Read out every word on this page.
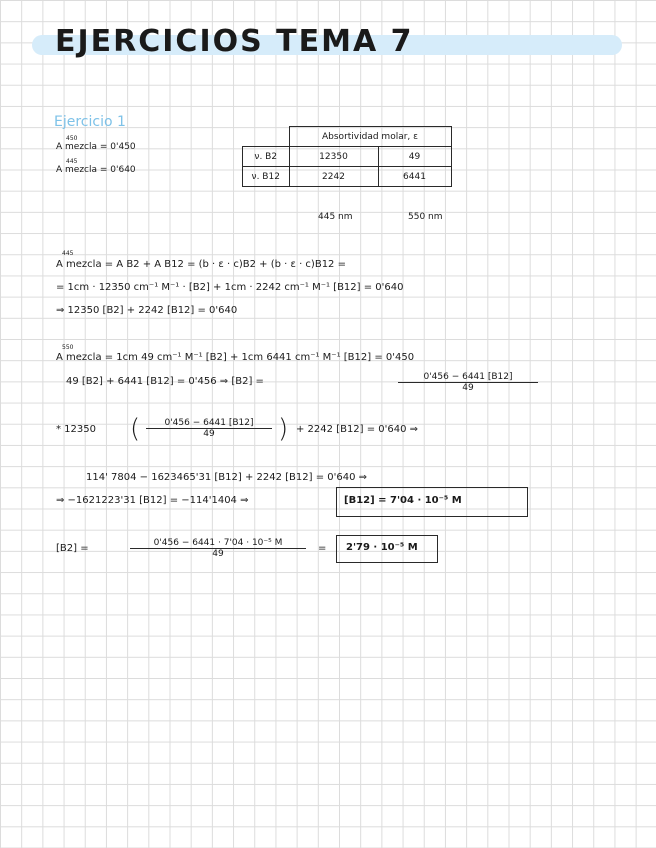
EJERCICIOS TEMA 7
Ejercicio 1
450
A mezcla = 0'450
445
A mezcla = 0'640
	Absortividad molar, ε	
ν. B2	12350	49
ν. B12	2242	6441
445 nm	550 nm
445
A mezcla = A B2 + A B12 = (b · ε · c)B2 + (b · ε · c)B12 =
= 1cm · 12350 cm⁻¹ M⁻¹ · [B2] + 1cm · 2242 cm⁻¹ M⁻¹ [B12] = 0'640
⇒ 12350 [B2] + 2242 [B12] = 0'640
550
A mezcla = 1cm 49 cm⁻¹ M⁻¹ [B2] + 1cm 6441 cm⁻¹ M⁻¹ [B12] = 0'450
49 [B2] + 6441 [B12] = 0'456 ⇒ [B2] =	$\frac{0'456 - 6441 [B12]}{49}$
* 12350 ( $\frac{0'456 - 6441 [B12]}{49}$ ) + 2242 [B12] = 0'640 ⇒
114' 7804 − 1623465'31 [B12] + 2242 [B12] = 0'640 ⇒
⇒ −1621223'31 [B12] = −114'1404 ⇒	[B12] = 7'04 · 10⁻⁵ M
[B2] =	$\frac{\text{0'456 − 6441 · 7'04 · 10⁻⁵ M}}{49} = 2'79 \cdot 10^{-5}$ M
